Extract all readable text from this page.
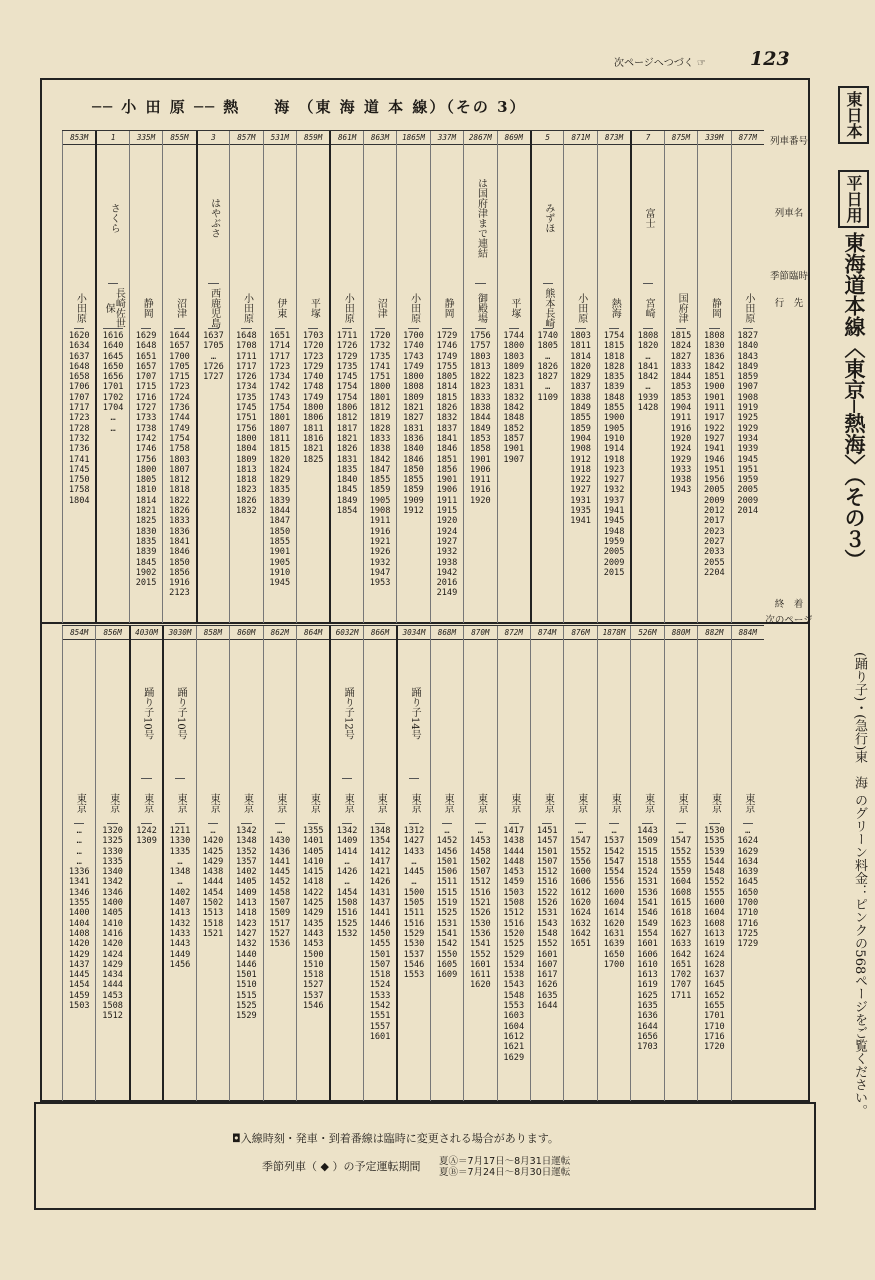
次ページへつづく ☞ 123
── 小 田 原 ── 熱　　海 （東 海 道 本 線）（その 3）	東日本
平日用
東海道本線〈東京─熱海〉（その３）
(踊り子)・(急行)東　海 のグリーン料金：ピンクの568ページをご覧ください。
列車番号
列車名
季節臨時
行　先
終　着
次のページ
853M
小田原
1620
1634
1637
1648
1658
1706
1707
1717
1723
1728
1732
1736
1741
1745
1750
1758
1804
1
さくら
長崎佐世保
1616
1640
1645
1650
1656
1701
1702
1704
…
…
335M
静岡
1629
1648
1651
1657
1707
1715
1716
1727
1733
1738
1742
1746
1756
1800
1805
1810
1814
1821
1825
1830
1835
1839
1845
1902
2015
855M
沼津
1644
1657
1700
1705
1715
1723
1724
1736
1744
1749
1754
1758
1803
1807
1812
1818
1822
1826
1833
1836
1841
1846
1850
1856
1916
2123
3
はやぶさ
西鹿児島
1637
1705
…
1726
1727
857M
小田原
1648
1708
1711
1717
1726
1734
1735
1745
1751
1756
1800
1804
1809
1813
1818
1823
1826
1832
531M
伊東
1651
1714
1717
1723
1734
1742
1743
1754
1801
1807
1811
1815
1820
1824
1829
1835
1839
1844
1847
1850
1855
1901
1905
1910
1945
859M
平塚
1703
1720
1723
1729
1740
1748
1749
1800
1806
1811
1816
1821
1825
861M
小田原
1711
1726
1729
1735
1745
1754
1754
1806
1812
1817
1821
1826
1831
1835
1840
1845
1849
1854
863M
沼津
1720
1732
1735
1741
1751
1800
1801
1812
1819
1828
1833
1838
1842
1847
1855
1859
1905
1908
1911
1916
1921
1926
1932
1947
1953
1865M
小田原
1700
1740
1743
1749
1800
1808
1809
1821
1827
1831
1836
1840
1846
1850
1855
1859
1909
1912
337M
静岡
1729
1746
1749
1755
1805
1814
1815
1826
1832
1837
1841
1846
1851
1856
1901
1906
1911
1915
1920
1924
1927
1932
1938
1942
2016
2149
2867M
は国府津まで連結
御殿場
1756
1757
1803
1813
1822
1823
1833
1838
1844
1849
1853
1858
1901
1906
1911
1916
1920
869M
平塚
1744
1800
1803
1809
1823
1831
1832
1842
1848
1852
1857
1901
1907
5
みずほ
熊本長崎
1740
1805
…
1826
1827
…
1109
871M
小田原
1803
1811
1814
1820
1829
1837
1838
1849
1855
1859
1904
1908
1912
1918
1922
1927
1931
1935
1941
873M
熱海
1754
1815
1818
1828
1835
1839
1848
1855
1900
1905
1910
1914
1918
1923
1927
1932
1937
1941
1945
1948
1959
2005
2009
2015
7
富士
宮崎
1808
1820
…
1841
1842
…
1939
1428
875M
国府津
1815
1824
1827
1833
1844
1853
1853
1904
1911
1916
1920
1924
1929
1933
1938
1943
339M
静岡
1808
1830
1836
1842
1851
1900
1901
1911
1917
1922
1927
1941
1946
1951
1956
2005
2009
2012
2017
2023
2027
2033
2055
2204
877M
小田原
1827
1840
1843
1849
1859
1907
1908
1919
1925
1929
1934
1939
1945
1951
1959
2005
2009
2014
854M
東京
…
…
…
…
1336
1341
1346
1355
1400
1404
1408
1420
1429
1437
1445
1454
1459
1503
856M
東京
1320
1325
1330
1335
1340
1342
1346
1400
1405
1410
1416
1420
1424
1429
1434
1444
1453
1508
1512
4030M
踊り子10号
東京
1242
1309
3030M
踊り子10号
東京
1211
1330
1335
…
1348
…
1402
1407
1413
1432
1433
1443
1449
1456
858M
東京
…
1420
1425
1429
1438
1444
1454
1502
1513
1518
1521
860M
東京
1342
1348
1352
1357
1402
1405
1409
1413
1418
1423
1427
1432
1440
1446
1501
1510
1515
1525
1529
862M
東京
…
1430
1436
1441
1445
1452
1458
1507
1509
1517
1527
1536
864M
東京
1355
1401
1405
1410
1415
1418
1422
1425
1429
1435
1443
1453
1500
1510
1518
1527
1537
1546
6032M
踊り子12号
東京
1342
1409
1414
…
1426
…
1454
1508
1516
1525
1532
866M
東京
1348
1354
1412
1417
1421
1426
1431
1437
1441
1446
1450
1455
1501
1507
1518
1524
1533
1542
1551
1557
1601
3034M
踊り子14号
東京
1312
1427
1433
…
1445
…
1500
1505
1511
1516
1529
1530
1537
1546
1553
868M
東京
…
1452
1456
1501
1506
1511
1515
1519
1525
1531
1541
1542
1550
1605
1609
870M
東京
…
1453
1458
1502
1507
1512
1516
1521
1526
1530
1536
1541
1552
1601
1611
1620
872M
東京
1417
1438
1444
1448
1453
1459
1503
1508
1512
1516
1520
1525
1529
1534
1538
1543
1548
1553
1603
1604
1612
1621
1629
874M
東京
1451
1457
1501
1507
1512
1516
1522
1526
1531
1543
1548
1552
1601
1607
1617
1626
1635
1644
876M
東京
…
1547
1552
1556
1600
1606
1612
1620
1624
1632
1642
1651
1878M
東京
…
1537
1542
1547
1554
1556
1600
1604
1614
1620
1631
1639
1650
1700
526M
東京
1443
1509
1515
1518
1524
1531
1536
1541
1546
1549
1554
1601
1606
1610
1613
1619
1625
1635
1636
1644
1656
1703
880M
東京
…
1547
1552
1555
1559
1604
1608
1615
1618
1623
1627
1633
1642
1651
1702
1707
1711
882M
東京
1530
1535
1539
1544
1548
1552
1555
1600
1604
1608
1613
1619
1624
1628
1637
1645
1652
1655
1701
1710
1716
1720
884M
東京
…
1624
1629
1634
1639
1645
1650
1700
1710
1716
1725
1729
◘入線時刻・発車・到着番線は臨時に変更される場合があります。
季節列車（ ◆ ）の予定運転期間 夏Ⓐ＝7月17日～8月31日運転
夏Ⓑ＝7月24日～8月30日運転
